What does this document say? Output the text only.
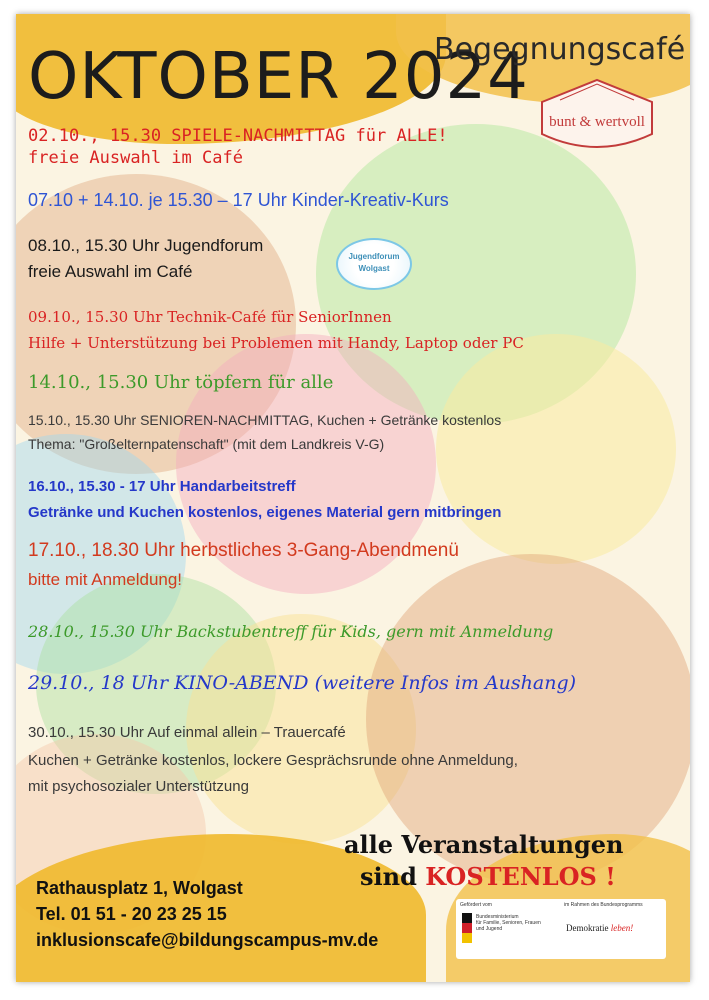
OKTOBER 2024
Begegnungscafé
bunt & wertvoll
02.10., 15.30 SPIELE-NACHMITTAG für ALLE!
freie Auswahl im Café
07.10 + 14.10. je 15.30 – 17 Uhr Kinder-Kreativ-Kurs
08.10., 15.30 Uhr Jugendforum
freie Auswahl im Café
Jugendforum
Wolgast
09.10., 15.30 Uhr Technik-Café für SeniorInnen
Hilfe + Unterstützung bei Problemen mit Handy, Laptop oder PC
14.10., 15.30 Uhr töpfern für alle
15.10., 15.30 Uhr SENIOREN-NACHMITTAG, Kuchen + Getränke kostenlos
Thema: "Großelternpatenschaft" (mit dem Landkreis V-G)
16.10., 15.30 - 17 Uhr Handarbeitstreff
Getränke und Kuchen kostenlos, eigenes Material gern mitbringen
17.10., 18.30 Uhr herbstliches 3-Gang-Abendmenü
bitte mit Anmeldung!
28.10., 15.30 Uhr Backstubentreff für Kids, gern mit Anmeldung
29.10., 18 Uhr KINO-ABEND (weitere Infos im Aushang)
30.10., 15.30 Uhr Auf einmal allein – Trauercafé
Kuchen + Getränke kostenlos, lockere Gesprächsrunde ohne Anmeldung,
mit psychosozialer Unterstützung
alle Veranstaltungen
sind KOSTENLOS !
Rathausplatz 1, Wolgast
Tel. 01 51 - 20 23 25 15
inklusionscafe@bildungscampus-mv.de
Gefördert vom	im Rahmen des Bundesprogramms
Bundesministerium
für Familie, Senioren, Frauen
und Jugend	Demokratie leben!
